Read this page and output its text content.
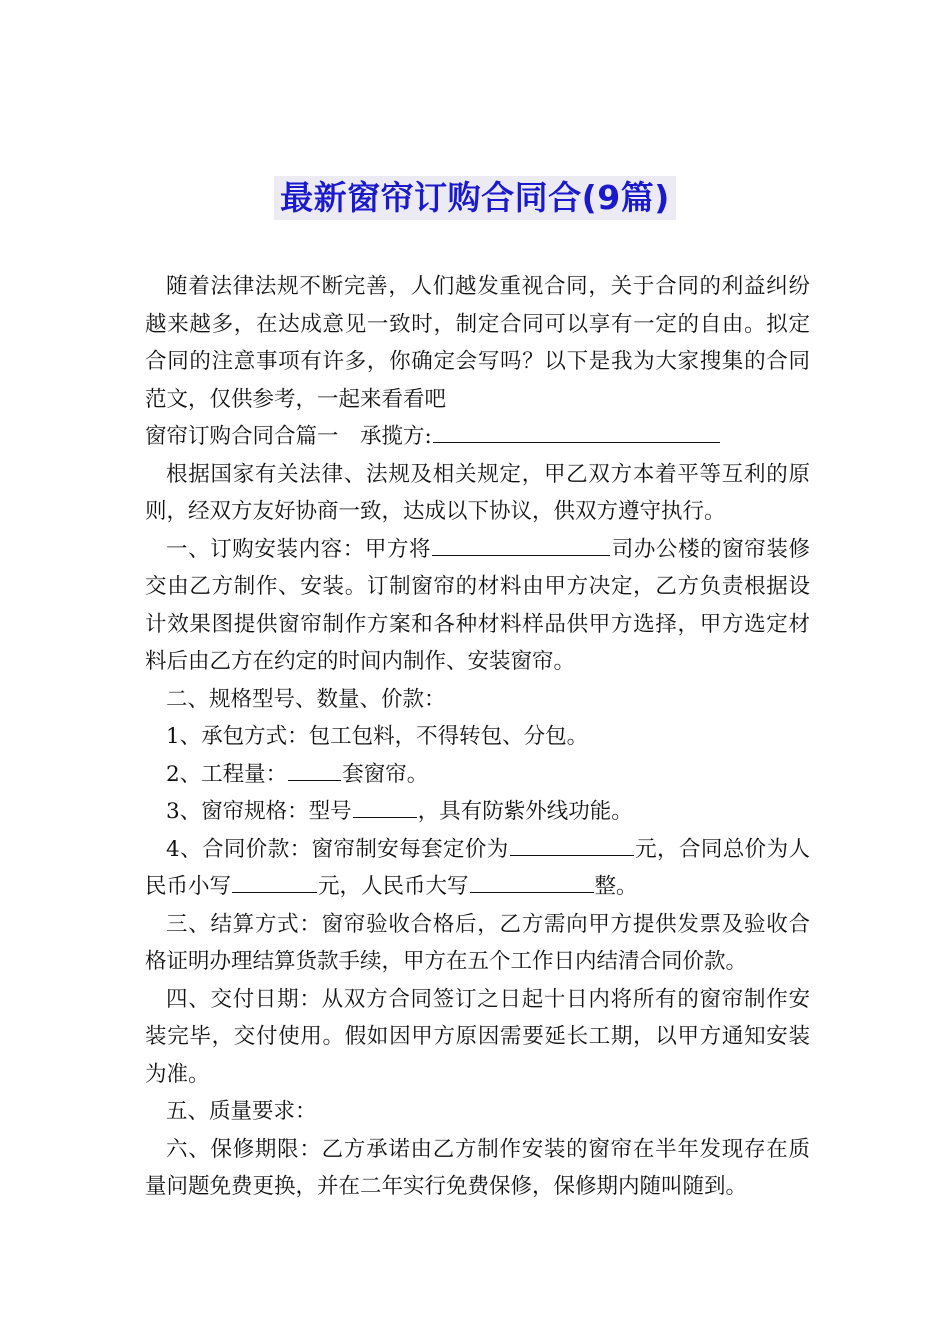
最新窗帘订购合同合(9篇)

随着法律法规不断完善，人们越发重视合同，关于合同的利益纠纷越来越多，在达成意见一致时，制定合同可以享有一定的自由。拟定合同的注意事项有许多，你确定会写吗？以下是我为大家搜集的合同范文，仅供参考，一起来看看吧

窗帘订购合同合篇一　承揽方:

根据国家有关法律、法规及相关规定，甲乙双方本着平等互利的原则，经双方友好协商一致，达成以下协议，供双方遵守执行。

一、订购安装内容：甲方将	司办公楼的窗帘装修交由乙方制作、安装。订制窗帘的材料由甲方决定，乙方负责根据设计效果图提供窗帘制作方案和各种材料样品供甲方选择，甲方选定材料后由乙方在约定的时间内制作、安装窗帘。

二、规格型号、数量、价款：

1、承包方式：包工包料，不得转包、分包。

2、工程量：	套窗帘。

3、窗帘规格：型号	，具有防紫外线功能。

4、合同价款：窗帘制安每套定价为	元，合同总价为人民币小写	元，人民币大写	整。

三、结算方式：窗帘验收合格后，乙方需向甲方提供发票及验收合格证明办理结算货款手续，甲方在五个工作日内结清合同价款。

四、交付日期：从双方合同签订之日起十日内将所有的窗帘制作安装完毕，交付使用。假如因甲方原因需要延长工期，以甲方通知安装为准。

五、质量要求：

六、保修期限：乙方承诺由乙方制作安装的窗帘在半年发现存在质量问题免费更换，并在二年实行免费保修，保修期内随叫随到。
